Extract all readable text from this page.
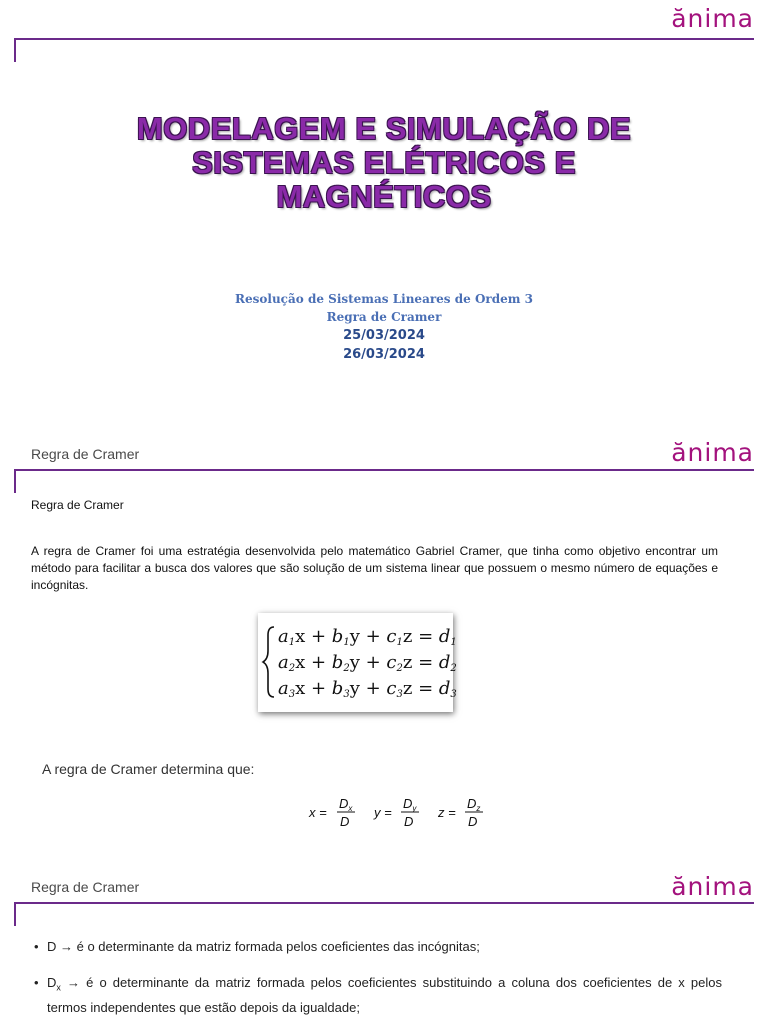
ănima
MODELAGEM E SIMULAÇÃO DE
SISTEMAS ELÉTRICOS E
MAGNÉTICOS
Resolução de Sistemas Lineares de Ordem 3
Regra de Cramer
25/03/2024
26/03/2024
Regra de Cramer	ănima
Regra de Cramer
A regra de Cramer foi uma estratégia desenvolvida pelo matemático Gabriel Cramer, que tinha como objetivo encontrar um método para facilitar a busca dos valores que são solução de um sistema linear que possuem o mesmo número de equações e incógnitas.
a1x + b1y + c1z = d1
a2x + b2y + c2z = d2
a3x + b3y + c3z = d3
A regra de Cramer determina que:
x =
$D_x$
D
y =
$D_y$
D
z =
$D_z$
D
Regra de Cramer	ănima
• D → é o determinante da matriz formada pelos coeficientes das incógnitas;
• $D_x$ → é o determinante da matriz formada pelos coeficientes substituindo a coluna dos coeficientes de x pelos termos independentes que estão depois da igualdade;
